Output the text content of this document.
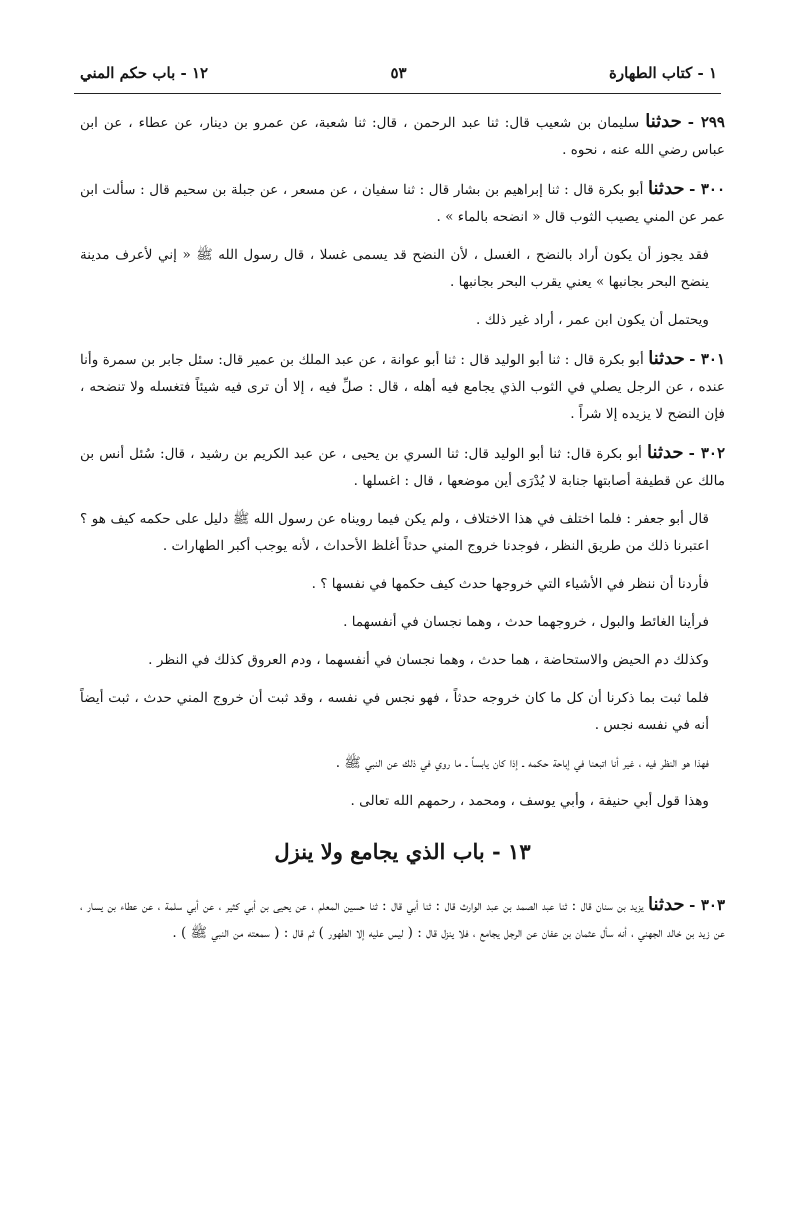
١ - كتاب الطهارة
٥٣
١٢ - باب حكم المني

٢٩٩ - حدثنا سليمان بن شعيب قال: ثنا عبد الرحمن ، قال: ثنا شعبة، عن عمرو بن دينار، عن عطاء ، عن ابن عباس رضي الله عنه ، نحوه .

٣٠٠ - حدثنا أبو بكرة قال : ثنا إبراهيم بن بشار قال : ثنا سفيان ، عن مسعر ، عن جبلة بن سحيم قال : سألت ابن عمر عن المني يصيب الثوب قال « انضحه بالماء » .

فقد يجوز أن يكون أراد بالنضح ، الغسل ، لأن النضح قد يسمى غسلا ، قال رسول الله ﷺ « إني لأعرف مدينة ينضح البحر بجانبها » يعني يقرب البحر بجانبها .

ويحتمل أن يكون ابن عمر ، أراد غير ذلك .

٣٠١ - حدثنا أبو بكرة قال : ثنا أبو الوليد قال : ثنا أبو عوانة ، عن عبد الملك بن عمير قال: سئل جابر بن سمرة وأنا عنده ، عن الرجل يصلي في الثوب الذي يجامع فيه أهله ، قال : صلِّ فيه ، إلا أن ترى فيه شيئاً فتغسله ولا تنضحه ، فإن النضح لا يزيده إلا شراً .

٣٠٢ - حدثنا أبو بكرة قال: ثنا أبو الوليد قال: ثنا السري بن يحيى ، عن عبد الكريم بن رشيد ، قال: سُئل أنس بن مالك عن قطيفة أصابتها جنابة لا يُدْرَى أين موضعها ، قال : اغسلها .

قال أبو جعفر : فلما اختلف في هذا الاختلاف ، ولم يكن فيما رويناه عن رسول الله ﷺ دليل على حكمه كيف هو ؟ اعتبرنا ذلك من طريق النظر ، فوجدنا خروج المني حدثاً أغلظ الأحداث ، لأنه يوجب أكبر الطهارات .

فأردنا أن ننظر في الأشياء التي خروجها حدث كيف حكمها في نفسها ؟ .

فرأينا الغائط والبول ، خروجهما حدث ، وهما نجسان في أنفسهما .

وكذلك دم الحيض والاستحاضة ، هما حدث ، وهما نجسان في أنفسهما ، ودم العروق كذلك في النظر .

فلما ثبت بما ذكرنا أن كل ما كان خروجه حدثاً ، فهو نجس في نفسه ، وقد ثبت أن خروج المني حدث ، ثبت أيضاً أنه في نفسه نجس .

فهذا هو النظر فيه ، غير أنا اتبعنا في إباحة حكمه ـ إذا كان يابساً ـ ما روي في ذلك عن النبي ﷺ .

وهذا قول أبي حنيفة ، وأبي يوسف ، ومحمد ، رحمهم الله تعالى .

١٣ - باب الذي يجامع ولا ينزل

٣٠٣ - حدثنا يزيد بن سنان قال : ثنا عبد الصمد بن عبد الوارث قال : ثنا أبي قال : ثنا حسين المعلم ، عن يحيى بن أبي كثير ، عن أبي سلمة ، عن عطاء بن يسار ، عن زيد بن خالد الجهني ، أنه سأل عثمان بن عفان عن الرجل يجامع ، فلا ينزل قال : ( ليس عليه إلا الطهور ) ثم قال : ( سمعته من النبي ﷺ ) .
